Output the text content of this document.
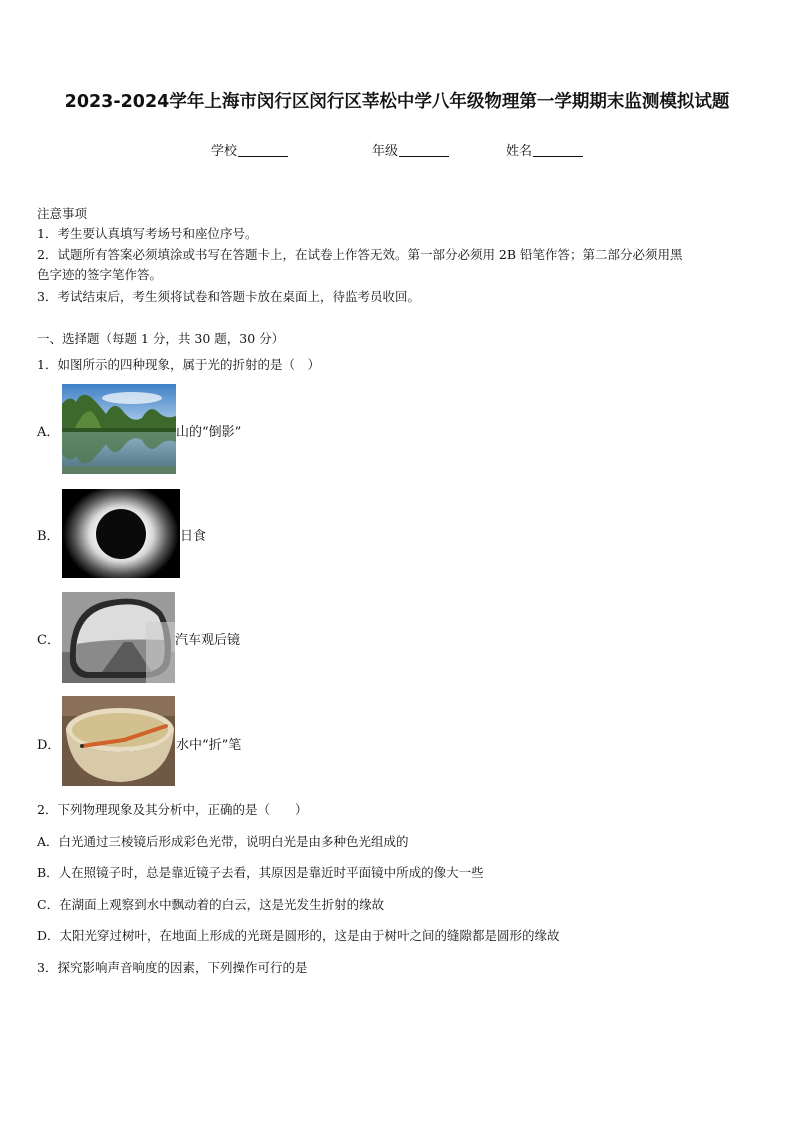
2023-2024学年上海市闵行区闵行区莘松中学八年级物理第一学期期末监测模拟试题
学校	年级	姓名
注意事项
1．考生要认真填写考场号和座位序号。
2．试题所有答案必须填涂或书写在答题卡上，在试卷上作答无效。第一部分必须用 2B 铅笔作答；第二部分必须用黑
色字迹的签字笔作答。
3．考试结束后，考生须将试卷和答题卡放在桌面上，待监考员收回。
一、选择题（每题 1 分，共 30 题，30 分）
1．如图所示的四种现象，属于光的折射的是（　）
A．	山的“倒影”
B．	日食
C．	汽车观后镜
D．	水中“折”笔
2．下列物理现象及其分析中，正确的是（　　）
A．白光通过三棱镜后形成彩色光带，说明白光是由多种色光组成的
B．人在照镜子时，总是靠近镜子去看，其原因是靠近时平面镜中所成的像大一些
C．在湖面上观察到水中飘动着的白云，这是光发生折射的缘故
D．太阳光穿过树叶，在地面上形成的光斑是圆形的，这是由于树叶之间的缝隙都是圆形的缘故
3．探究影响声音响度的因素，下列操作可行的是
